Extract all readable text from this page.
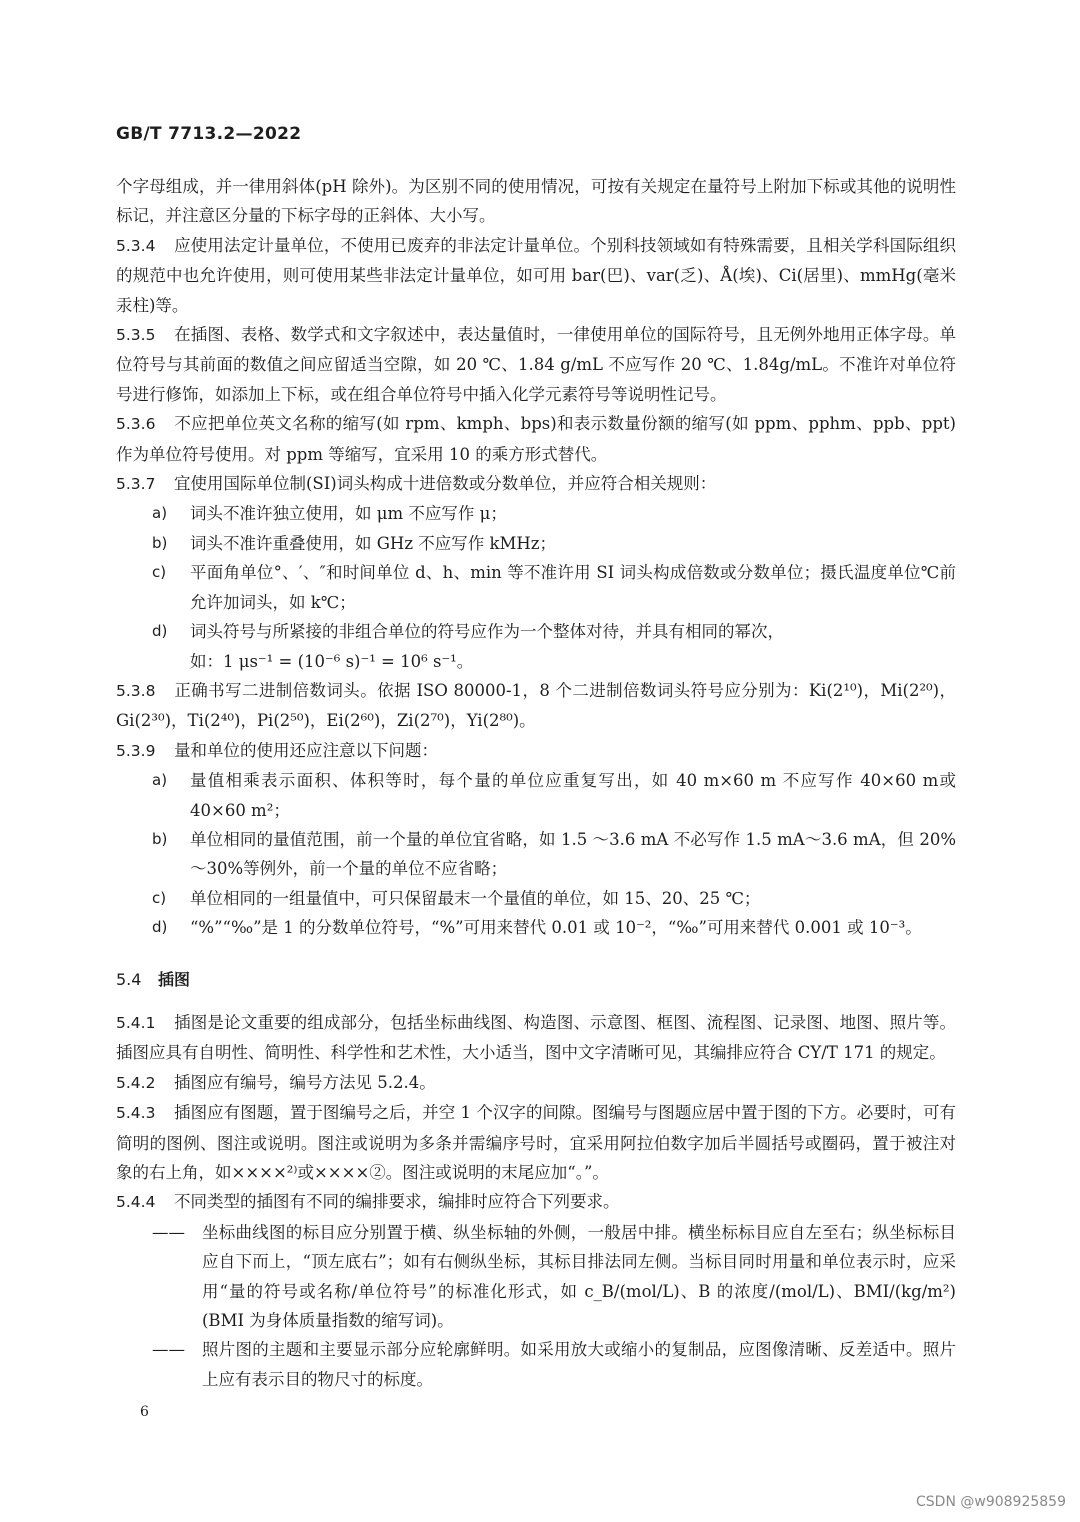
GB/T 7713.2—2022

个字母组成，并一律用斜体(pH 除外)。为区别不同的使用情况，可按有关规定在量符号上附加下标或其他的说明性标记，并注意区分量的下标字母的正斜体、大小写。

5.3.4 应使用法定计量单位，不使用已废弃的非法定计量单位。个别科技领域如有特殊需要，且相关学科国际组织的规范中也允许使用，则可使用某些非法定计量单位，如可用 bar(巴)、var(乏)、Å(埃)、Ci(居里)、mmHg(毫米汞柱)等。

5.3.5 在插图、表格、数学式和文字叙述中，表达量值时，一律使用单位的国际符号，且无例外地用正体字母。单位符号与其前面的数值之间应留适当空隙，如 20 ℃、1.84 g/mL 不应写作 20 ℃、1.84g/mL。不准许对单位符号进行修饰，如添加上下标，或在组合单位符号中插入化学元素符号等说明性记号。

5.3.6 不应把单位英文名称的缩写(如 rpm、kmph、bps)和表示数量份额的缩写(如 ppm、pphm、ppb、ppt)作为单位符号使用。对 ppm 等缩写，宜采用 10 的乘方形式替代。

5.3.7 宜使用国际单位制(SI)词头构成十进倍数或分数单位，并应符合相关规则：

a) 词头不准许独立使用，如 μm 不应写作 μ；

b) 词头不准许重叠使用，如 GHz 不应写作 kMHz；

c) 平面角单位°、′、″和时间单位 d、h、min 等不准许用 SI 词头构成倍数或分数单位；摄氏温度单位℃前允许加词头，如 k℃；

d) 词头符号与所紧接的非组合单位的符号应作为一个整体对待，并具有相同的幂次，
如：1 μs⁻¹ = (10⁻⁶ s)⁻¹ = 10⁶ s⁻¹。

5.3.8 正确书写二进制倍数词头。依据 ISO 80000-1，8 个二进制倍数词头符号应分别为：Ki(2¹⁰)，Mi(2²⁰)，Gi(2³⁰)，Ti(2⁴⁰)，Pi(2⁵⁰)，Ei(2⁶⁰)，Zi(2⁷⁰)，Yi(2⁸⁰)。

5.3.9 量和单位的使用还应注意以下问题：

a) 量值相乘表示面积、体积等时，每个量的单位应重复写出，如 40 m×60 m 不应写作 40×60 m或 40×60 m²；

b) 单位相同的量值范围，前一个量的单位宜省略，如 1.5 ～3.6 mA 不必写作 1.5 mA～3.6 mA，但 20%～30%等例外，前一个量的单位不应省略；

c) 单位相同的一组量值中，可只保留最末一个量值的单位，如 15、20、25 ℃；

d) “%”“‰”是 1 的分数单位符号，“%”可用来替代 0.01 或 10⁻²，“‰”可用来替代 0.001 或 10⁻³。

5.4 插图

5.4.1 插图是论文重要的组成部分，包括坐标曲线图、构造图、示意图、框图、流程图、记录图、地图、照片等。插图应具有自明性、简明性、科学性和艺术性，大小适当，图中文字清晰可见，其编排应符合 CY/T 171 的规定。

5.4.2 插图应有编号，编号方法见 5.2.4。

5.4.3 插图应有图题，置于图编号之后，并空 1 个汉字的间隙。图编号与图题应居中置于图的下方。必要时，可有简明的图例、图注或说明。图注或说明为多条并需编序号时，宜采用阿拉伯数字加后半圆括号或圈码，置于被注对象的右上角，如××××²⁾或××××②。图注或说明的末尾应加“。”。

5.4.4 不同类型的插图有不同的编排要求，编排时应符合下列要求。

—— 坐标曲线图的标目应分别置于横、纵坐标轴的外侧，一般居中排。横坐标标目应自左至右；纵坐标标目应自下而上，“顶左底右”；如有右侧纵坐标，其标目排法同左侧。当标目同时用量和单位表示时，应采用“量的符号或名称/单位符号”的标准化形式，如 c_B/(mol/L)、B 的浓度/(mol/L)、BMI/(kg/m²)(BMI 为身体质量指数的缩写词)。

—— 照片图的主题和主要显示部分应轮廓鲜明。如采用放大或缩小的复制品，应图像清晰、反差适中。照片上应有表示目的物尺寸的标度。

6
CSDN @w908925859
